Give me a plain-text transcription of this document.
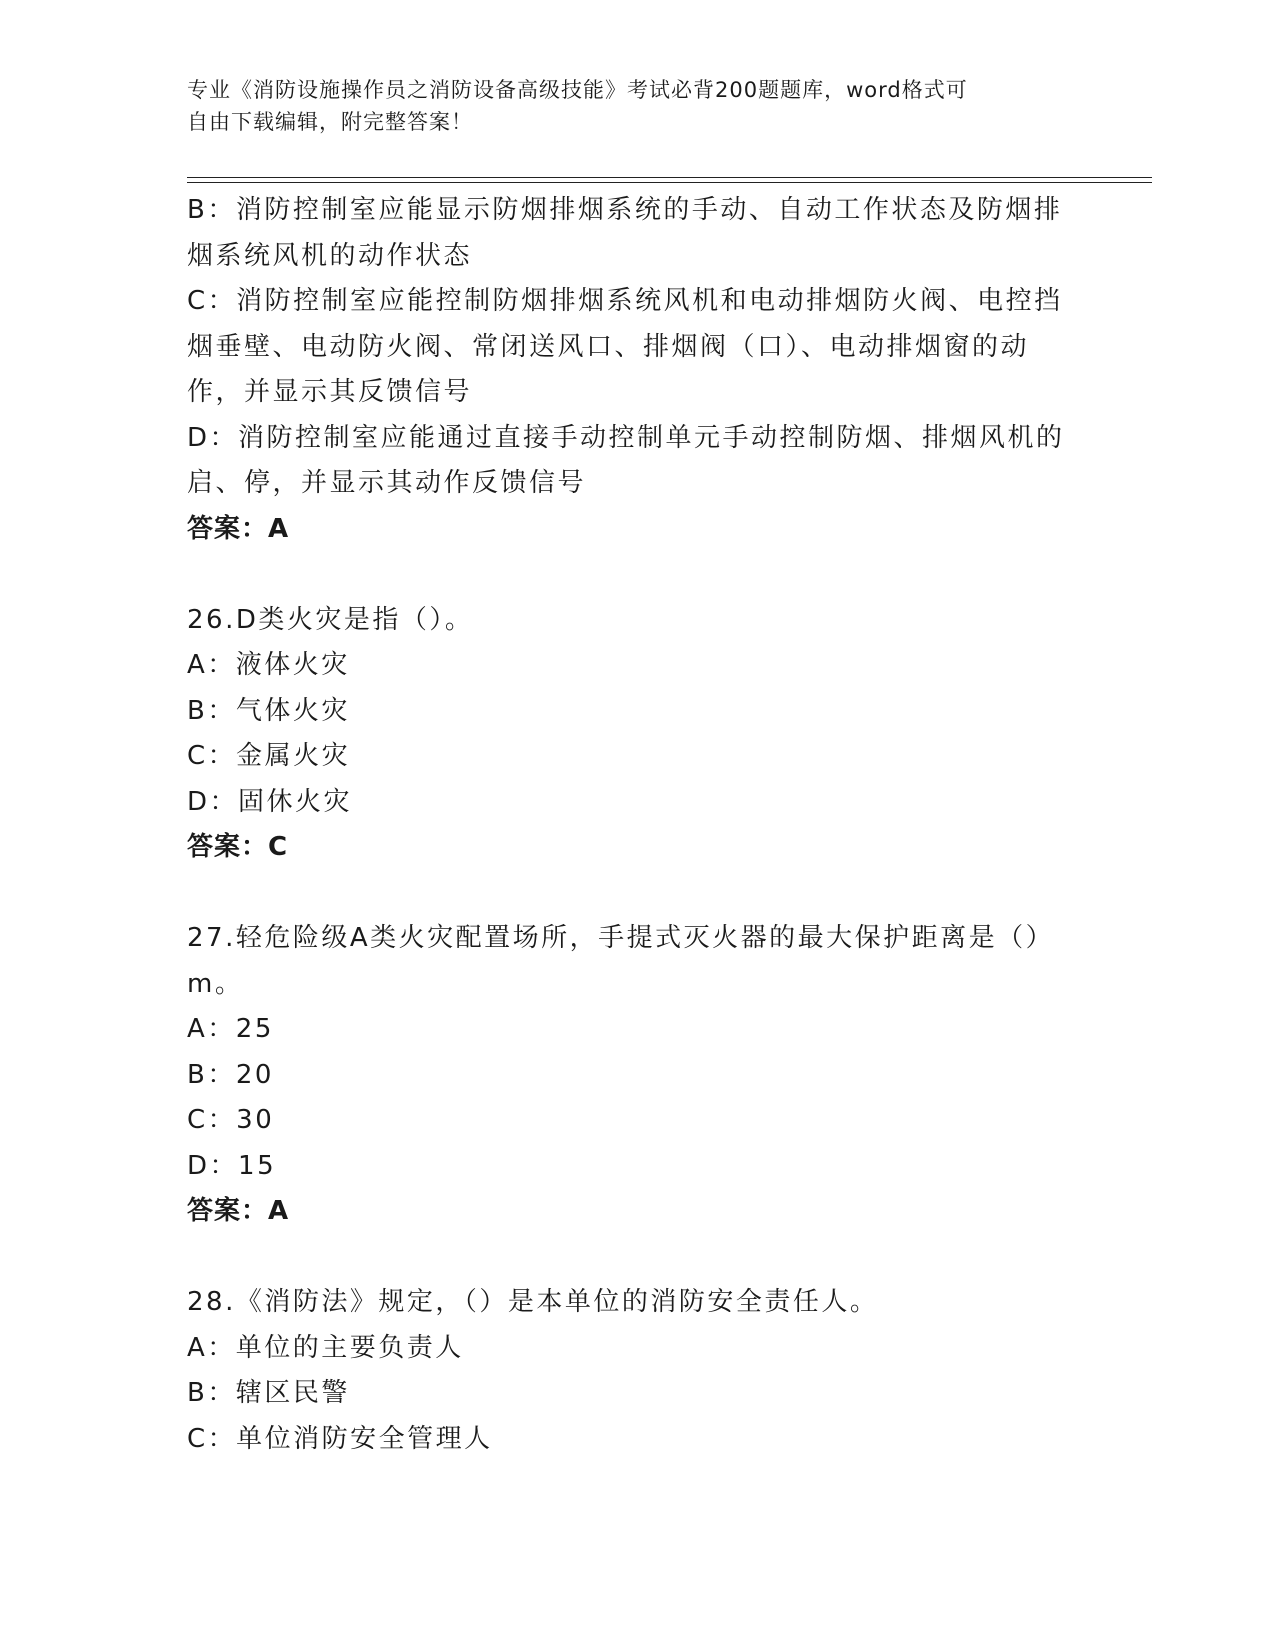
专业《消防设施操作员之消防设备高级技能》考试必背200题题库，word格式可
自由下载编辑，附完整答案！
B：消防控制室应能显示防烟排烟系统的手动、自动工作状态及防烟排
烟系统风机的动作状态
C：消防控制室应能控制防烟排烟系统风机和电动排烟防火阀、电控挡
烟垂壁、电动防火阀、常闭送风口、排烟阀（口）、电动排烟窗的动
作，并显示其反馈信号
D：消防控制室应能通过直接手动控制单元手动控制防烟、排烟风机的
启、停，并显示其动作反馈信号
答案：A
26.D类火灾是指（）。
A：液体火灾
B：气体火灾
C：金属火灾
D：固休火灾
答案：C
27.轻危险级A类火灾配置场所，手提式灭火器的最大保护距离是（）
m。
A：25
B：20
C：30
D：15
答案：A
28.《消防法》规定，（）是本单位的消防安全责任人。
A：单位的主要负责人
B：辖区民警
C：单位消防安全管理人
